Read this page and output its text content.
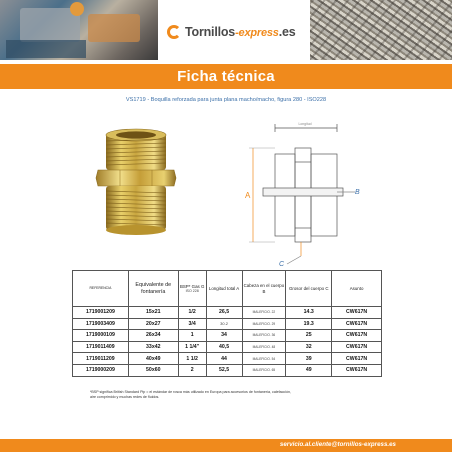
Tornillos-express.es
Ficha técnica
VS1719 - Boquilla reforzada para junta plana macho/macho, figura 280 - ISO228
Longitud
A	B
C
REFERENCIA	Equivalente de fontanería	BSP* Gas G
ISO 228	Longitud total A	Cabeza en el cuerpo B	Grosor del cuerpo C	Asunto
1719001209	15x21	1/2	26,5	MALEFICIO. 22	14.3	CW617N
1719003409	20x27	3/4	30.2	MALEFICIO. 29	19.3	CW617N
1719000109	26x34	1	34	MALEFICIO. 36	25	CW617N
1719011409	33x42	1 1/4"	40,5	MALEFICIO. 48	32	CW617N
1719011209	40x49	1 1/2	44	MALEFICIO. 54	39	CW617N
1719000209	50x60	2	52,5	MALEFICIO. 65	49	CW617N
*BSP significa British Standard Pip = el estándar de rosca más utilizado en Europa para accesorios de fontanería, calefacción,
aire comprimido y muchas redes de fluidos.
servicio.al.cliente@tornillos-express.es
